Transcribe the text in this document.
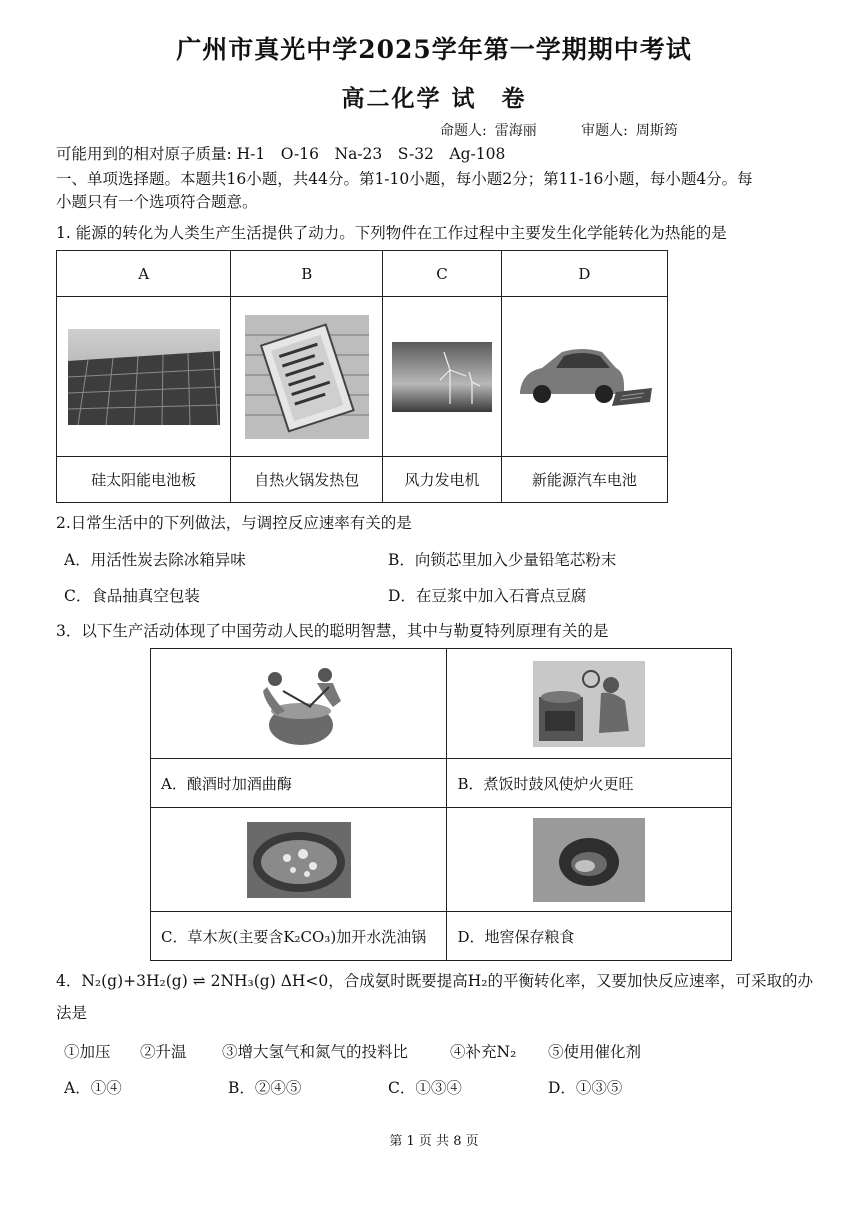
广州市真光中学2025学年第一学期期中考试
高二化学 试　卷
命题人: 雷海丽	审题人: 周斯筠
可能用到的相对原子质量: H-1　O-16　Na-23　S-32　Ag-108
一、单项选择题。本题共16小题，共44分。第1-10小题，每小题2分；第11-16小题，每小题4分。每
小题只有一个选项符合题意。
1. 能源的转化为人类生产生活提供了动力。下列物件在工作过程中主要发生化学能转化为热能的是
A	B	C	D

硅太阳能电池板	自热火锅发热包	风力发电机	新能源汽车电池
2.日常生活中的下列做法，与调控反应速率有关的是
A．用活性炭去除冰箱异味	B．向锁芯里加入少量铅笔芯粉末
C．食品抽真空包装	D．在豆浆中加入石膏点豆腐
3．以下生产活动体现了中国劳动人民的聪明智慧，其中与勒夏特列原理有关的是

A．酿酒时加酒曲酶	B．煮饭时鼓风使炉火更旺

C．草木灰(主要含K₂CO₃)加开水洗油锅	D．地窖保存粮食
4．N₂(g)+3H₂(g) ⇌ 2NH₃(g) ΔH<0，合成氨时既要提高H₂的平衡转化率，又要加快反应速率，可采取的办
法是
①加压 ②升温 ③增大氢气和氮气的投料比	④补充N₂ ⑤使用催化剂
A．①④	B．②④⑤	C．①③④	D．①③⑤
第 1 页 共 8 页
